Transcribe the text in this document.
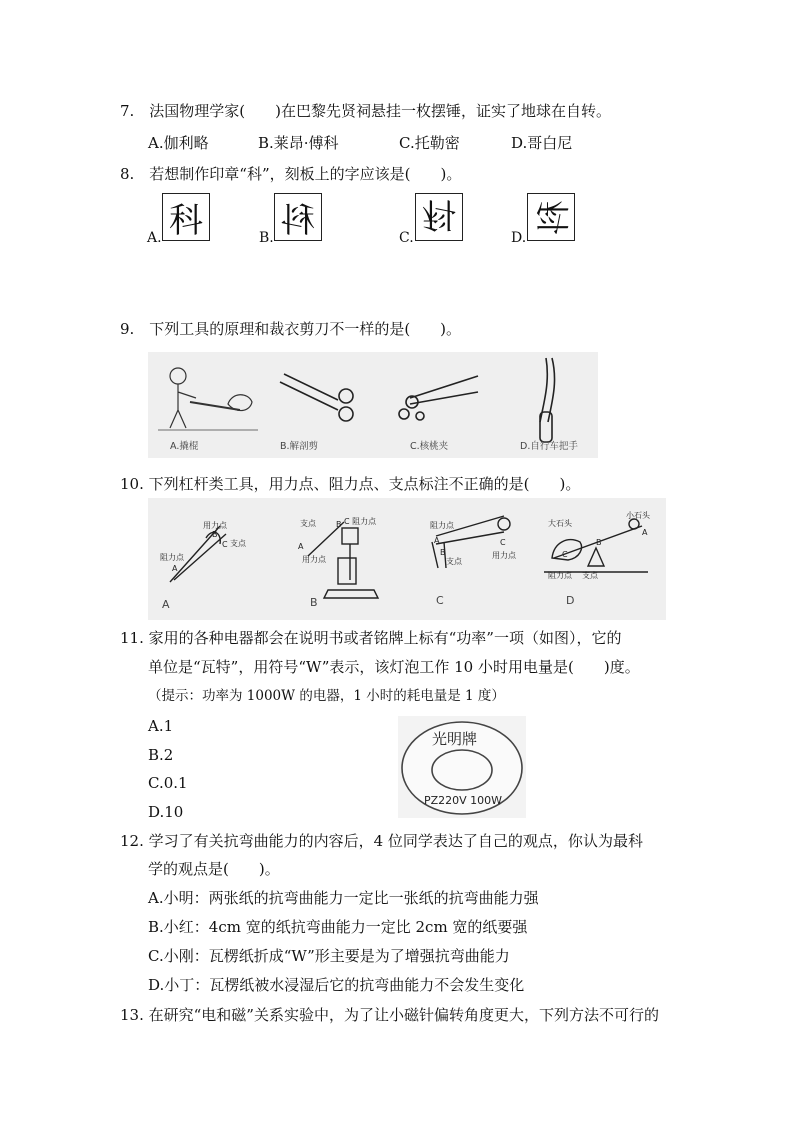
7.　法国物理学家(　　)在巴黎先贤祠悬挂一枚摆锤，证实了地球在自转。
A.伽利略	B.莱昂·傅科	C.托勒密	D.哥白尼
8.　若想制作印章“科”，刻板上的字应该是(　　)。
A. 科	B. 科	C.
科
D.
科
9.　下列工具的原理和裁衣剪刀不一样的是(　　)。
A.撬棍	B.解剖剪	C.核桃夹	D.自行车把手
10. 下列杠杆类工具，用力点、阻力点、支点标注不正确的是(　　)。
用力点
阻力点
支点
A
B
C
支点	C 阻力点
用力点
A
B	阻力点
支点
用力点
A
B
C
大石头
小石头
阻力点 支点
C
B
A
A	B	C	D
11. 家用的各种电器都会在说明书或者铭牌上标有“功率”一项（如图），它的
单位是“瓦特”，用符号“W”表示，该灯泡工作 10 小时用电量是(　　)度。
（提示：功率为 1000W 的电器，1 小时的耗电量是 1 度）
A.1
B.2
C.0.1
D.10
光明牌
PZ220V 100W
12. 学习了有关抗弯曲能力的内容后，4 位同学表达了自己的观点，你认为最科
学的观点是(　　)。
A.小明：两张纸的抗弯曲能力一定比一张纸的抗弯曲能力强
B.小红：4cm 宽的纸抗弯曲能力一定比 2cm 宽的纸要强
C.小刚：瓦楞纸折成“W”形主要是为了增强抗弯曲能力
D.小丁：瓦楞纸被水浸湿后它的抗弯曲能力不会发生变化
13. 在研究“电和磁”关系实验中，为了让小磁针偏转角度更大，下列方法不可行的
